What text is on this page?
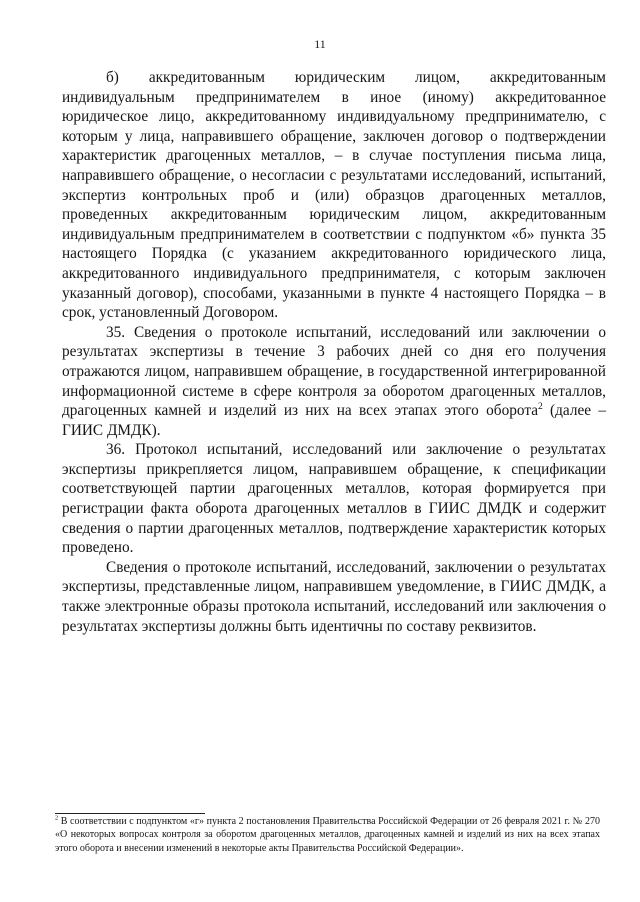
11

б) аккредитованным юридическим лицом, аккредитованным индивидуальным предпринимателем в иное (иному) аккредитованное юридическое лицо, аккредитованному индивидуальному предпринимателю, с которым у лица, направившего обращение, заключен договор о подтверждении характеристик драгоценных металлов, – в случае поступления письма лица, направившего обращение, о несогласии с результатами исследований, испытаний, экспертиз контрольных проб и (или) образцов драгоценных металлов, проведенных аккредитованным юридическим лицом, аккредитованным индивидуальным предпринимателем в соответствии с подпунктом «б» пункта 35 настоящего Порядка (с указанием аккредитованного юридического лица, аккредитованного индивидуального предпринимателя, с которым заключен указанный договор), способами, указанными в пункте 4 настоящего Порядка – в срок, установленный Договором.

35. Сведения о протоколе испытаний, исследований или заключении о результатах экспертизы в течение 3 рабочих дней со дня его получения отражаются лицом, направившем обращение, в государственной интегрированной информационной системе в сфере контроля за оборотом драгоценных металлов, драгоценных камней и изделий из них на всех этапах этого оборота$^2$ (далее – ГИИС ДМДК).

36. Протокол испытаний, исследований или заключение о результатах экспертизы прикрепляется лицом, направившем обращение, к спецификации соответствующей партии драгоценных металлов, которая формируется при регистрации факта оборота драгоценных металлов в ГИИС ДМДК и содержит сведения о партии драгоценных металлов, подтверждение характеристик которых проведено.

Сведения о протоколе испытаний, исследований, заключении о результатах экспертизы, представленные лицом, направившем уведомление, в ГИИС ДМДК, а также электронные образы протокола испытаний, исследований или заключения о результатах экспертизы должны быть идентичны по составу реквизитов.

$^2$ В соответствии с подпунктом «г» пункта 2 постановления Правительства Российской Федерации от 26 февраля 2021 г. № 270 «О некоторых вопросах контроля за оборотом драгоценных металлов, драгоценных камней и изделий из них на всех этапах этого оборота и внесении изменений в некоторые акты Правительства Российской Федерации».
